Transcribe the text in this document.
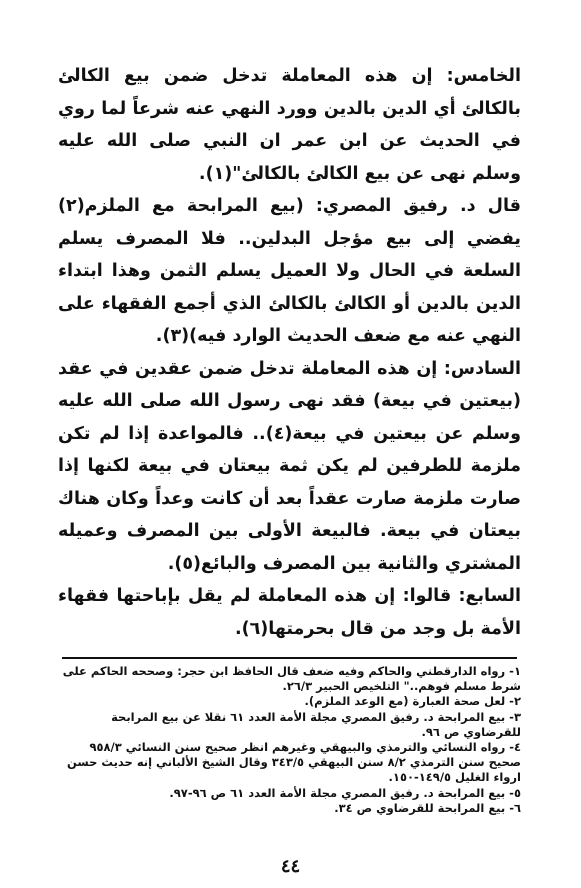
الخامس: إن هذه المعاملة تدخل ضمن بيع الكالئ بالكالئ أي الدين بالدين وورد النهي عنه شرعاً لما روي في الحديث عن ابن عمر ان النبي صلى الله عليه وسلم نهى عن بيع الكالئ بالكالئ"(١).

قال د. رفيق المصري: (بيع المرابحة مع الملزم(٢) يفضي إلى بيع مؤجل البدلين.. فلا المصرف يسلم السلعة في الحال ولا العميل يسلم الثمن وهذا ابتداء الدين بالدين أو الكالئ بالكالئ الذي أجمع الفقهاء على النهي عنه مع ضعف الحديث الوارد فيه)(٣).

السادس: إن هذه المعاملة تدخل ضمن عقدين في عقد (بيعتين في بيعة) فقد نهى رسول الله صلى الله عليه وسلم عن بيعتين في بيعة(٤).. فالمواعدة إذا لم تكن ملزمة للطرفين لم يكن ثمة بيعتان في بيعة لكنها إذا صارت ملزمة صارت عقداً بعد أن كانت وعداً وكان هناك بيعتان في بيعة. فالبيعة الأولى بين المصرف وعميله المشتري والثانية بين المصرف والبائع(٥).

السابع: قالوا: إن هذه المعاملة لم يقل بإباحتها فقهاء الأمة بل وجد من قال بحرمتها(٦).

١- رواه الدارقطني والحاكم وفيه ضعف قال الحافظ ابن حجر: وصححه الحاكم على شرط مسلم فوهم.." التلخيص الحبير ٢٦/٣.

٢- لعل صحة العبارة (مع الوعد الملزم).

٣- بيع المرابحة د. رفيق المصري مجلة الأمة العدد ٦١ نقلا عن بيع المرابحة للقرضاوي ص ٩٦.

٤- رواه النسائي والترمذي والبيهقي وغيرهم انظر صحيح سنن النسائي ٩٥٨/٣ صحيح سنن الترمذي ٨/٢ سنن البيهقي ٣٤٣/٥ وقال الشيخ الألباني إنه حديث حسن ارواء الغليل ١٤٩/٥-١٥٠.

٥- بيع المرابحة د. رفيق المصري مجلة الأمة العدد ٦١ ص ٩٦-٩٧.

٦- بيع المرابحة للقرضاوي ص ٣٤.

٤٤
